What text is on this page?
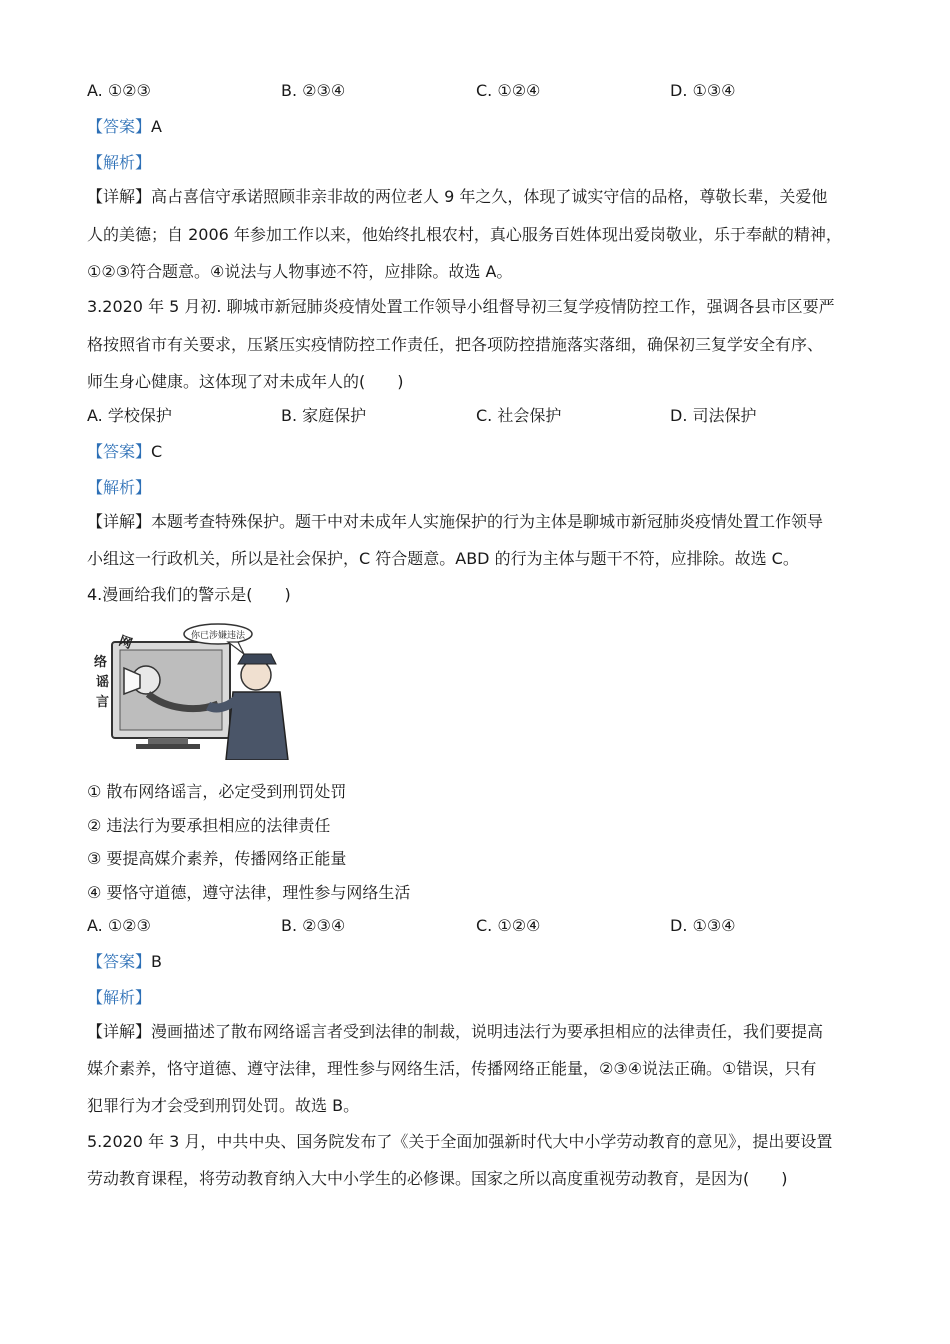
A. ①②③	B. ②③④	C. ①②④	D. ①③④
【答案】A
【解析】
【详解】高占喜信守承诺照顾非亲非故的两位老人 9 年之久，体现了诚实守信的品格，尊敬长辈，关爱他
人的美德；自 2006 年参加工作以来，他始终扎根农村，真心服务百姓体现出爱岗敬业，乐于奉献的精神，
①②③符合题意。④说法与人物事迹不符，应排除。故选 A。
3.2020 年 5 月初. 聊城市新冠肺炎疫情处置工作领导小组督导初三复学疫情防控工作，强调各县市区要严
格按照省市有关要求，压紧压实疫情防控工作责任，把各项防控措施落实落细，确保初三复学安全有序、
师生身心健康。这体现了对未成年人的(　　)
A. 学校保护	B. 家庭保护	C. 社会保护	D. 司法保护
【答案】C
【解析】
【详解】本题考查特殊保护。题干中对未成年人实施保护的行为主体是聊城市新冠肺炎疫情处置工作领导
小组这一行政机关，所以是社会保护，C 符合题意。ABD 的行为主体与题干不符，应排除。故选 C。
4.漫画给我们的警示是(　　)
你已涉嫌违法
网
络
谣
言
① 散布网络谣言，必定受到刑罚处罚
② 违法行为要承担相应的法律责任
③ 要提高媒介素养，传播网络正能量
④ 要恪守道德，遵守法律，理性参与网络生活
A. ①②③	B. ②③④	C. ①②④	D. ①③④
【答案】B
【解析】
【详解】漫画描述了散布网络谣言者受到法律的制裁，说明违法行为要承担相应的法律责任，我们要提高
媒介素养，恪守道德、遵守法律，理性参与网络生活，传播网络正能量，②③④说法正确。①错误，只有
犯罪行为才会受到刑罚处罚。故选 B。
5.2020 年 3 月，中共中央、国务院发布了《关于全面加强新时代大中小学劳动教育的意见》，提出要设置
劳动教育课程，将劳动教育纳入大中小学生的必修课。国家之所以高度重视劳动教育，是因为(　　)
